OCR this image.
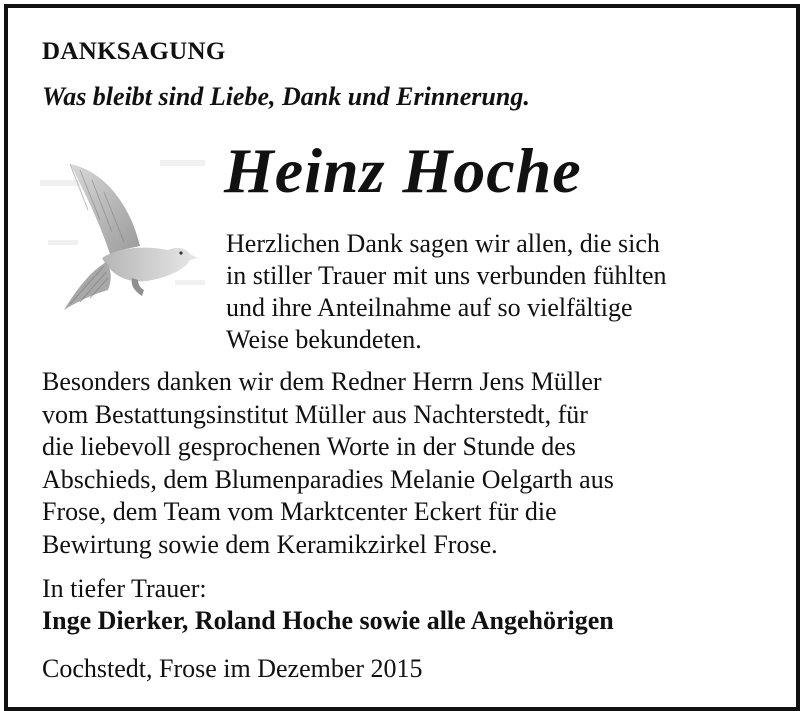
DANKSAGUNG
Was bleibt sind Liebe, Dank und Erinnerung.
Heinz Hoche
Herzlichen Dank sagen wir allen, die sich
in stiller Trauer mit uns verbunden fühlten
und ihre Anteilnahme auf so vielfältige
Weise bekundeten.
Besonders danken wir dem Redner Herrn Jens Müller
vom Bestattungsinstitut Müller aus Nachterstedt, für
die liebevoll gesprochenen Worte in der Stunde des
Abschieds, dem Blumenparadies Melanie Oelgarth aus
Frose, dem Team vom Marktcenter Eckert für die
Bewirtung sowie dem Keramikzirkel Frose.
In tiefer Trauer:
Inge Dierker, Roland Hoche sowie alle Angehörigen
Cochstedt, Frose im Dezember 2015
